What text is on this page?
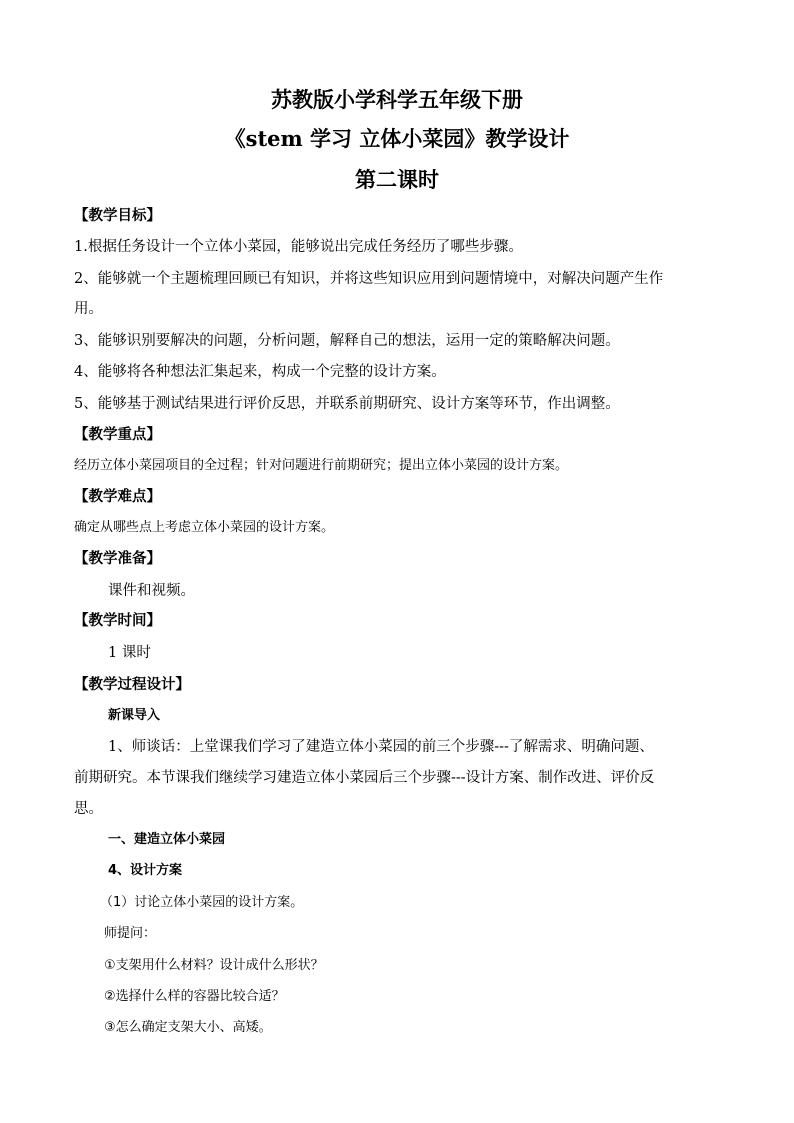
苏教版小学科学五年级下册
《stem 学习 立体小菜园》教学设计
第二课时
【教学目标】
1.根据任务设计一个立体小菜园，能够说出完成任务经历了哪些步骤。
2、能够就一个主题梳理回顾已有知识，并将这些知识应用到问题情境中，对解决问题产生作
用。
3、能够识别要解决的问题，分析问题，解释自己的想法，运用一定的策略解决问题。
4、能够将各种想法汇集起来，构成一个完整的设计方案。
5、能够基于测试结果进行评价反思，并联系前期研究、设计方案等环节，作出调整。
【教学重点】
经历立体小菜园项目的全过程；针对问题进行前期研究；提出立体小菜园的设计方案。
【教学难点】
确定从哪些点上考虑立体小菜园的设计方案。
【教学准备】
课件和视频。
【教学时间】
1 课时
【教学过程设计】
新课导入
1、师谈话：上堂课我们学习了建造立体小菜园的前三个步骤---了解需求、明确问题、
前期研究。本节课我们继续学习建造立体小菜园后三个步骤---设计方案、制作改进、评价反
思。
一、建造立体小菜园
4、设计方案
（1）讨论立体小菜园的设计方案。
师提问：
①支架用什么材料？设计成什么形状？
②选择什么样的容器比较合适？
③怎么确定支架大小、高矮。
